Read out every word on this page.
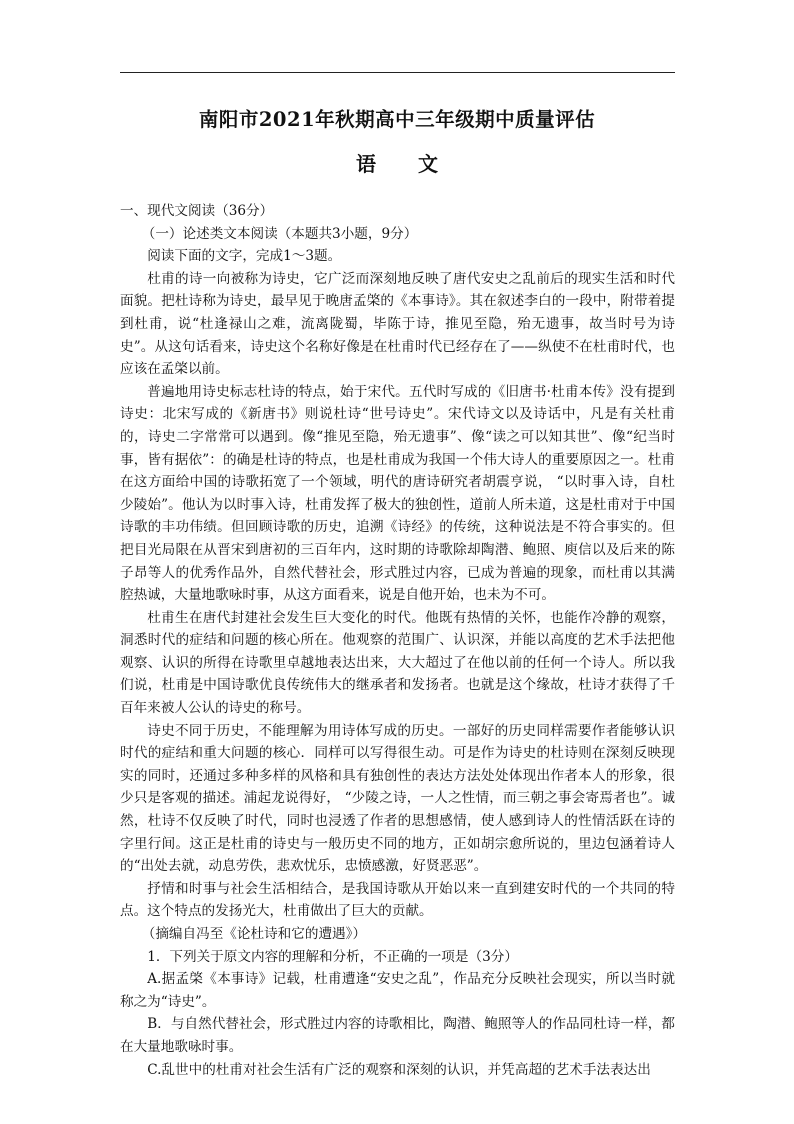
南阳市2021年秋期高中三年级期中质量评估
语 文

一、现代文阅读（36分）

（一）论述类文本阅读（本题共3小题，9分）

阅读下面的文字，完成1～3题。

杜甫的诗一向被称为诗史，它广泛而深刻地反映了唐代安史之乱前后的现实生活和时代面貌。把杜诗称为诗史，最早见于晚唐孟棨的《本事诗》。其在叙述李白的一段中，附带着提到杜甫，说“杜逢禄山之难，流离陇蜀，毕陈于诗，推见至隐，殆无遗事，故当时号为诗史”。从这句话看来，诗史这个名称好像是在杜甫时代已经存在了——纵使不在杜甫时代，也应该在孟棨以前。

普遍地用诗史标志杜诗的特点，始于宋代。五代时写成的《旧唐书·杜甫本传》没有提到诗史：北宋写成的《新唐书》则说杜诗“世号诗史”。宋代诗文以及诗话中，凡是有关杜甫的，诗史二字常常可以遇到。像“推见至隐，殆无遗事”、像“读之可以知其世”、像“纪当时事，皆有据依”：的确是杜诗的特点，也是杜甫成为我国一个伟大诗人的重要原因之一。杜甫在这方面给中国的诗歌拓宽了一个领域，明代的唐诗研究者胡震亨说， “以时事入诗，自杜少陵始”。他认为以时事入诗，杜甫发挥了极大的独创性，道前人所未道，这是杜甫对于中国诗歌的丰功伟绩。但回顾诗歌的历史，追溯《诗经》的传统，这种说法是不符合事实的。但把目光局限在从晋宋到唐初的三百年内，这时期的诗歌除却陶潜、鲍照、庾信以及后来的陈子昂等人的优秀作品外，自然代替社会，形式胜过内容，已成为普遍的现象，而杜甫以其满腔热诚，大量地歌咏时事，从这方面看来，说是自他开始，也未为不可。

杜甫生在唐代封建社会发生巨大变化的时代。他既有热情的关怀，也能作冷静的观察，洞悉时代的症结和问题的核心所在。他观察的范围广、认识深，并能以高度的艺术手法把他观察、认识的所得在诗歌里卓越地表达出来，大大超过了在他以前的任何一个诗人。所以我们说，杜甫是中国诗歌优良传统伟大的继承者和发扬者。也就是这个缘故，杜诗才获得了千百年来被人公认的诗史的称号。

诗史不同于历史，不能理解为用诗体写成的历史。一部好的历史同样需要作者能够认识时代的症结和重大问题的核心．同样可以写得很生动。可是作为诗史的杜诗则在深刻反映现实的同时，还通过多种多样的风格和具有独创性的表达方法处处体现出作者本人的形象，很少只是客观的描述。浦起龙说得好， “少陵之诗，一人之性情，而三朝之事会寄焉者也”。诚然，杜诗不仅反映了时代，同时也浸透了作者的思想感情，使人感到诗人的性情活跃在诗的字里行间。这正是杜甫的诗史与一般历史不同的地方，正如胡宗愈所说的，里边包涵着诗人的“出处去就，动息劳佚，悲欢忧乐，忠愤感激，好贤恶恶”。

抒情和时事与社会生活相结合，是我国诗歌从开始以来一直到建安时代的一个共同的特点。这个特点的发扬光大，杜甫做出了巨大的贡献。

（摘编自冯至《论杜诗和它的遭遇》）

1．下列关于原文内容的理解和分析，不正确的一项是（3分）

A.据孟棨《本事诗》记载，杜甫遭逢“安史之乱”，作品充分反映社会现实，所以当时就称之为“诗史”。

B．与自然代替社会，形式胜过内容的诗歌相比，陶潜、鲍照等人的作品同杜诗一样，都在大量地歌咏时事。

C.乱世中的杜甫对社会生活有广泛的观察和深刻的认识，并凭高超的艺术手法表达出
